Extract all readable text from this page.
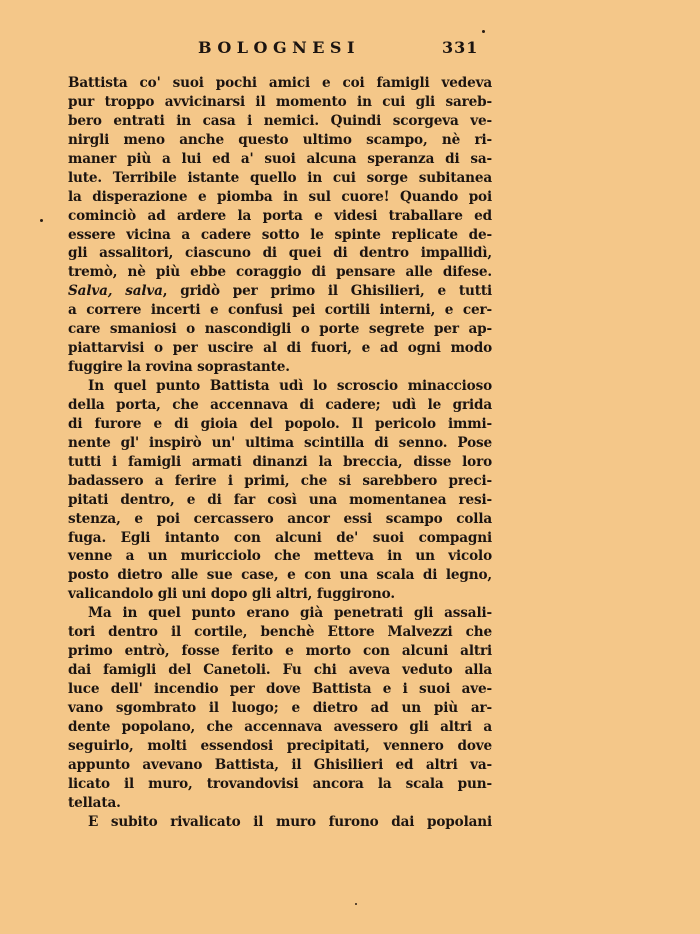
BOLOGNESI	331
Battista co' suoi pochi amici e coi famigli vedeva
pur troppo avvicinarsi il momento in cui gli sareb-
bero entrati in casa i nemici. Quindi scorgeva ve-
nirgli meno anche questo ultimo scampo, nè ri-
maner più a lui ed a' suoi alcuna speranza di sa-
lute. Terribile istante quello in cui sorge subitanea
la disperazione e piomba in sul cuore! Quando poi
cominciò ad ardere la porta e videsi traballare ed
essere vicina a cadere sotto le spinte replicate de-
gli assalitori, ciascuno di quei di dentro impallidì,
tremò, nè più ebbe coraggio di pensare alle difese.
Salva, salva, gridò per primo il Ghisilieri, e tutti
a correre incerti e confusi pei cortili interni, e cer-
care smaniosi o nascondigli o porte segrete per ap-
piattarvisi o per uscire al di fuori, e ad ogni modo
fuggire la rovina soprastante.
In quel punto Battista udì lo scroscio minaccioso
della porta, che accennava di cadere; udì le grida
di furore e di gioia del popolo. Il pericolo immi-
nente gl' inspirò un' ultima scintilla di senno. Pose
tutti i famigli armati dinanzi la breccia, disse loro
badassero a ferire i primi, che si sarebbero preci-
pitati dentro, e di far così una momentanea resi-
stenza, e poi cercassero ancor essi scampo colla
fuga. Egli intanto con alcuni de' suoi compagni
venne a un muricciolo che metteva in un vicolo
posto dietro alle sue case, e con una scala di legno,
valicandolo gli uni dopo gli altri, fuggirono.
Ma in quel punto erano già penetrati gli assali-
tori dentro il cortile, benchè Ettore Malvezzi che
primo entrò, fosse ferito e morto con alcuni altri
dai famigli del Canetoli. Fu chi aveva veduto alla
luce dell' incendio per dove Battista e i suoi ave-
vano sgombrato il luogo; e dietro ad un più ar-
dente popolano, che accennava avessero gli altri a
seguirlo, molti essendosi precipitati, vennero dove
appunto avevano Battista, il Ghisilieri ed altri va-
licato il muro, trovandovisi ancora la scala pun-
tellata.
E subito rivalicato il muro furono dai popolani
